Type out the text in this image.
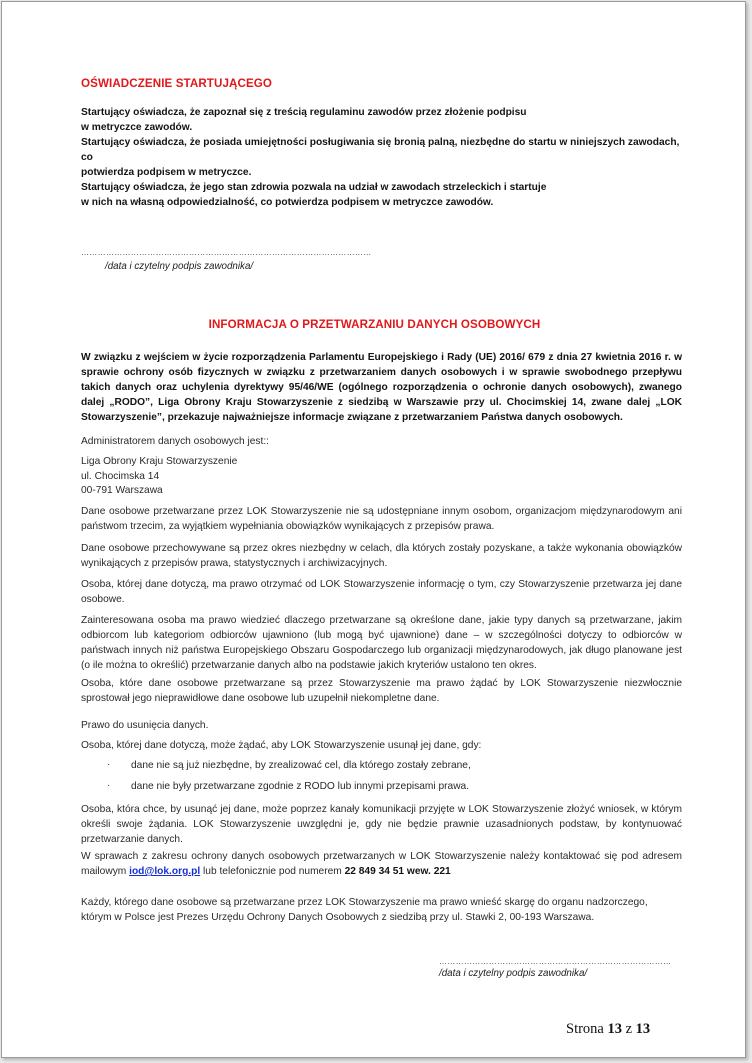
OŚWIADCZENIE STARTUJĄCEGO

Startujący oświadcza, że zapoznał się z treścią regulaminu zawodów przez złożenie podpisu

w metryczce zawodów.

Startujący oświadcza, że posiada umiejętności posługiwania się bronią palną, niezbędne do startu w niniejszych zawodach, co

potwierdza podpisem w metryczce.

Startujący oświadcza, że jego stan zdrowia pozwala na udział w zawodach strzeleckich i startuje

w nich na własną odpowiedzialność, co potwierdza podpisem w metryczce zawodów.

……………………………………………………………………………………………
/data i czytelny podpis zawodnika/
INFORMACJA O PRZETWARZANIU DANYCH OSOBOWYCH
W związku z wejściem w życie rozporządzenia Parlamentu Europejskiego i Rady (UE) 2016/ 679 z dnia 27 kwietnia 2016 r. w sprawie ochrony osób fizycznych w związku z przetwarzaniem danych osobowych i w sprawie swobodnego przepływu takich danych oraz uchylenia dyrektywy 95/46/WE (ogólnego rozporządzenia o ochronie danych osobowych), zwanego dalej „RODO”, Liga Obrony Kraju Stowarzyszenie z siedzibą w Warszawie przy ul. Chocimskiej 14, zwane dalej „LOK Stowarzyszenie”, przekazuje najważniejsze informacje związane z przetwarzaniem Państwa danych osobowych.
Administratorem danych osobowych jest::

Liga Obrony Kraju Stowarzyszenie

ul. Chocimska 14

00-791 Warszawa

Dane osobowe przetwarzane przez LOK Stowarzyszenie nie są udostępniane innym osobom, organizacjom międzynarodowym ani państwom trzecim, za wyjątkiem wypełniania obowiązków wynikających z przepisów prawa.
Dane osobowe przechowywane są przez okres niezbędny w celach, dla których zostały pozyskane, a także wykonania obowiązków wynikających z przepisów prawa, statystycznych i archiwizacyjnych.
Osoba, której dane dotyczą, ma prawo otrzymać od LOK Stowarzyszenie informację o tym, czy Stowarzyszenie przetwarza jej dane osobowe.
Zainteresowana osoba ma prawo wiedzieć dlaczego przetwarzane są określone dane, jakie typy danych są przetwarzane, jakim odbiorcom lub kategoriom odbiorców ujawniono (lub mogą być ujawnione) dane – w szczególności dotyczy to odbiorców w państwach innych niż państwa Europejskiego Obszaru Gospodarczego lub organizacji międzynarodowych, jak długo planowane jest (o ile można to określić) przetwarzanie danych albo na podstawie jakich kryteriów ustalono ten okres.
Osoba, które dane osobowe przetwarzane są przez Stowarzyszenie ma prawo żądać by LOK Stowarzyszenie niezwłocznie sprostował jego nieprawidłowe dane osobowe lub uzupełnił niekompletne dane.
Prawo do usunięcia danych.
Osoba, której dane dotyczą, może żądać, aby LOK Stowarzyszenie usunął jej dane, gdy:
· dane nie są już niezbędne, by zrealizować cel, dla którego zostały zebrane,
· dane nie były przetwarzane zgodnie z RODO lub innymi przepisami prawa.
Osoba, która chce, by usunąć jej dane, może poprzez kanały komunikacji przyjęte w LOK Stowarzyszenie złożyć wniosek, w którym określi swoje żądania. LOK Stowarzyszenie uwzględni je, gdy nie będzie prawnie uzasadnionych podstaw, by kontynuować przetwarzanie danych.
W sprawach z zakresu ochrony danych osobowych przetwarzanych w LOK Stowarzyszenie należy kontaktować się pod adresem mailowym iod@lok.org.pl lub telefonicznie pod numerem 22 849 34 51 wew. 221

Każdy, którego dane osobowe są przetwarzane przez LOK Stowarzyszenie ma prawo wnieść skargę do organu nadzorczego,

którym w Polsce jest Prezes Urzędu Ochrony Danych Osobowych z siedzibą przy ul. Stawki 2, 00-193 Warszawa.

…………………………………………………………………………
/data i czytelny podpis zawodnika/
Strona 13 z 13
